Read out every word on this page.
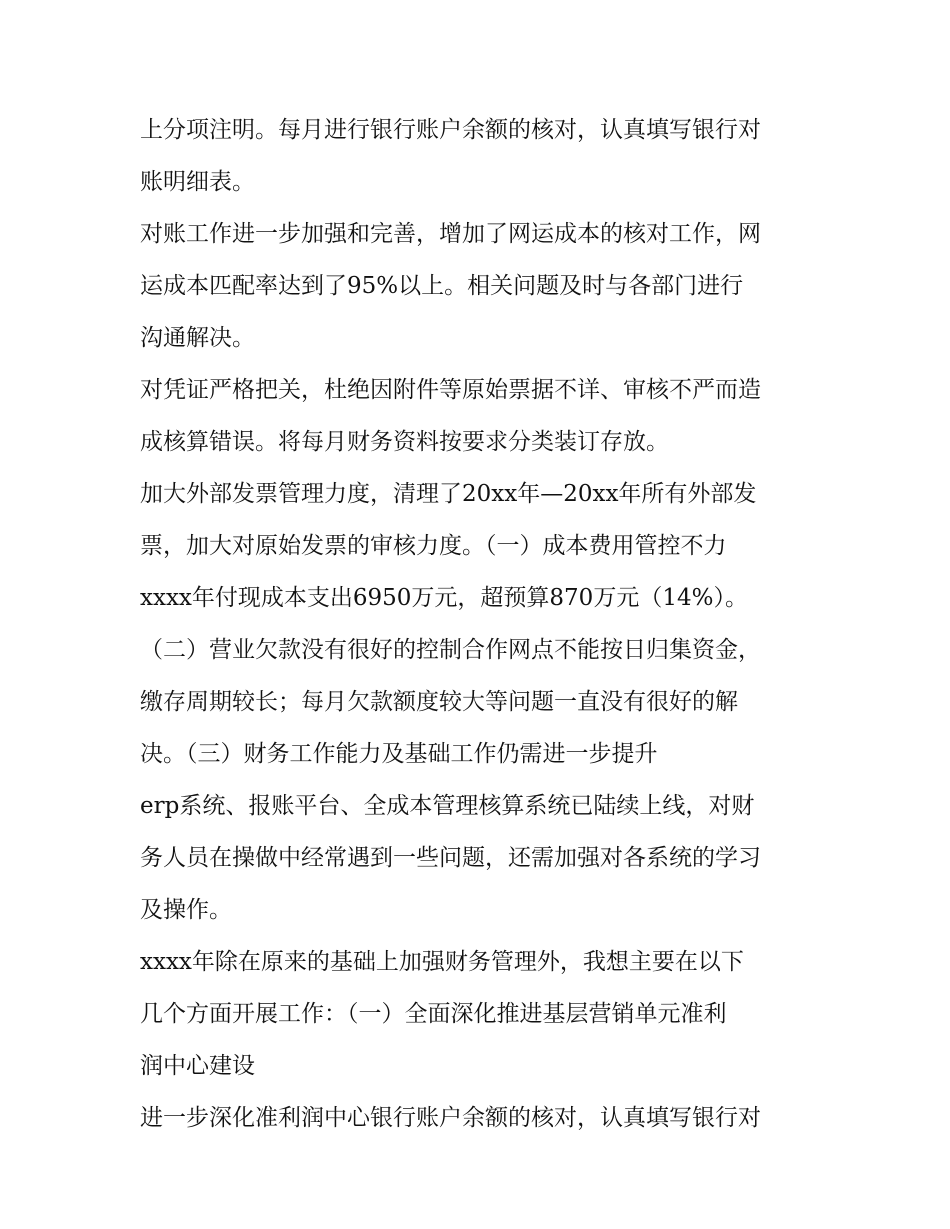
上分项注明。每月进行银行账户余额的核对，认真填写银行对
账明细表。
对账工作进一步加强和完善，增加了网运成本的核对工作，网
运成本匹配率达到了95%以上。相关问题及时与各部门进行
沟通解决。
对凭证严格把关，杜绝因附件等原始票据不详、审核不严而造
成核算错误。将每月财务资料按要求分类装订存放。
加大外部发票管理力度，清理了20xx年—20xx年所有外部发
票，加大对原始发票的审核力度。（一）成本费用管控不力
xxxx年付现成本支出6950万元，超预算870万元（14%）。
（二）营业欠款没有很好的控制合作网点不能按日归集资金，
缴存周期较长；每月欠款额度较大等问题一直没有很好的解
决。（三）财务工作能力及基础工作仍需进一步提升
erp系统、报账平台、全成本管理核算系统已陆续上线，对财
务人员在操做中经常遇到一些问题，还需加强对各系统的学习
及操作。
xxxx年除在原来的基础上加强财务管理外，我想主要在以下
几个方面开展工作：（一）全面深化推进基层营销单元准利
润中心建设
进一步深化准利润中心银行账户余额的核对，认真填写银行对
